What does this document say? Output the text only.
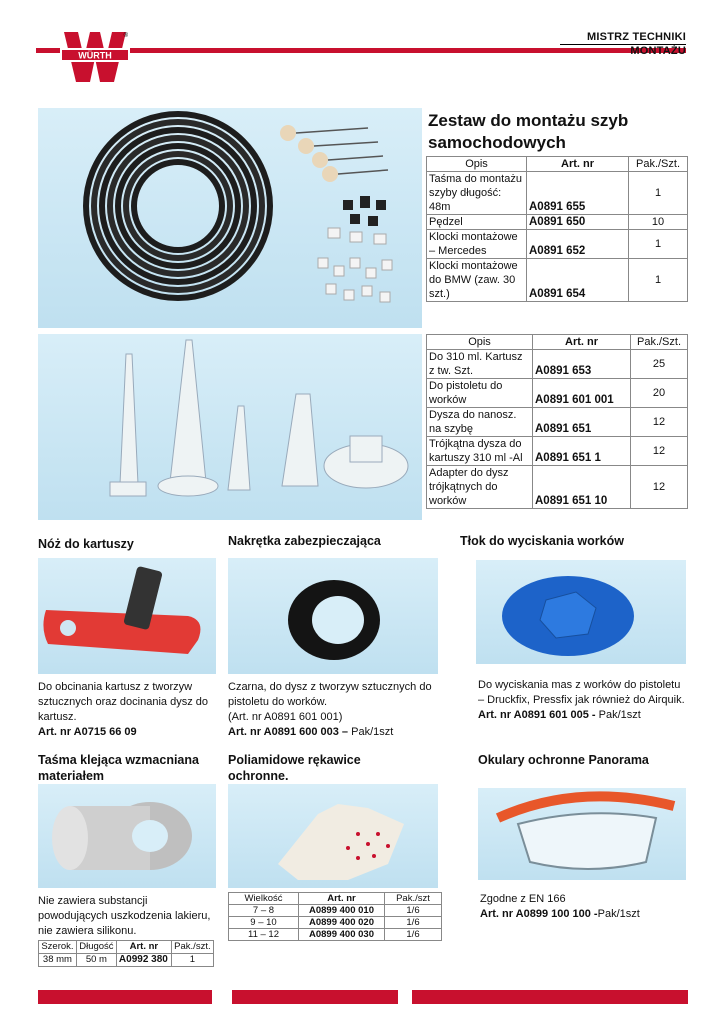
WÜRTH
®	MISTRZ TECHNIKI
MONTAŻU
Zestaw do montażu szyb samochodowych
Opis	Art. nr	Pak./Szt.
Taśma do montażu szyby długość: 48m	A0891 655	1
Pędzel	A0891 650	10
Klocki montażowe – Mercedes	A0891 652	1
Klocki montażowe do BMW (zaw. 30 szt.)	A0891 654	1
Opis	Art. nr	Pak./Szt.
Do 310 ml. Kartusz z tw. Szt.	A0891 653	25
Do pistoletu do worków	A0891 601 001	20
Dysza do nanosz. na szybę	A0891 651	12
Trójkątna dysza do kartuszy 310 ml -Al	A0891 651 1	12
Adapter do dysz trójkątnych do worków	A0891 651 10	12
Nóż do kartuszy	Nakrętka zabezpieczająca	Tłok do wyciskania worków
Do obcinania kartusz z tworzyw sztucznych oraz docinania dysz do kartusz.
Art. nr A0715 66 09
Czarna, do dysz z tworzyw sztucznych do pistoletu do worków.
(Art. nr A0891 601 001)
Art. nr A0891 600 003 – Pak/1szt
Do wyciskania mas z worków do pistoletu – Druckfix, Pressfix jak również do Airquik.
Art. nr A0891 601 005 - Pak/1szt
Taśma klejąca wzmacniana materiałem
Poliamidowe rękawice ochronne.
Okulary ochronne Panorama
Nie zawiera substancji powodujących uszkodzenia lakieru, nie zawiera silikonu.
Szerok.	Długość	Art. nr	Pak./szt.
38 mm	50 m	A0992 380	1
Wielkość	Art. nr	Pak./szt
7 – 8	A0899 400 010	1/6
9 – 10	A0899 400 020	1/6
11 – 12	A0899 400 030	1/6
Zgodne z EN 166
Art. nr A0899 100 100 -Pak/1szt
